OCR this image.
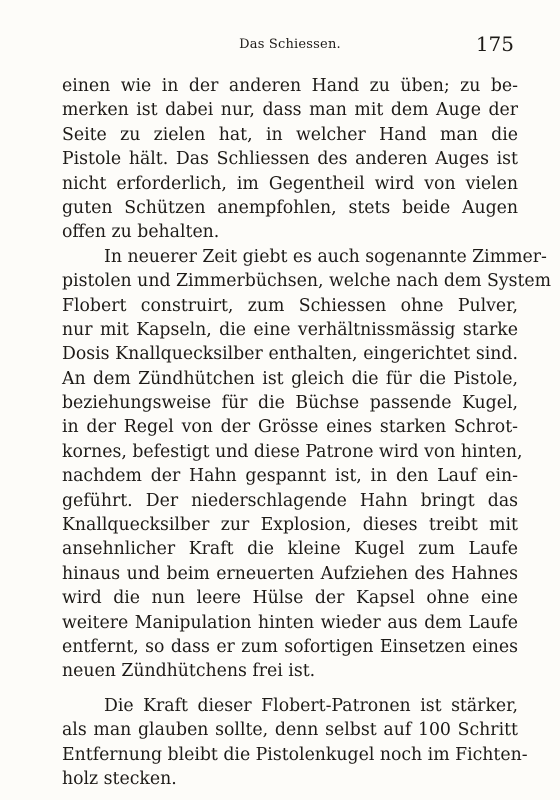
Das Schiessen.	175
einen wie in der anderen Hand zu üben; zu be-
merken ist dabei nur, dass man mit dem Auge der
Seite zu zielen hat, in welcher Hand man die
Pistole hält. Das Schliessen des anderen Auges ist
nicht erforderlich, im Gegentheil wird von vielen
guten Schützen anempfohlen, stets beide Augen
offen zu behalten.
In neuerer Zeit giebt es auch sogenannte Zimmer-
pistolen und Zimmerbüchsen, welche nach dem System
Flobert construirt, zum Schiessen ohne Pulver,
nur mit Kapseln, die eine verhältnissmässig starke
Dosis Knallquecksilber enthalten, eingerichtet sind.
An dem Zündhütchen ist gleich die für die Pistole,
beziehungsweise für die Büchse passende Kugel,
in der Regel von der Grösse eines starken Schrot-
kornes, befestigt und diese Patrone wird von hinten,
nachdem der Hahn gespannt ist, in den Lauf ein-
geführt. Der niederschlagende Hahn bringt das
Knallquecksilber zur Explosion, dieses treibt mit
ansehnlicher Kraft die kleine Kugel zum Laufe
hinaus und beim erneuerten Aufziehen des Hahnes
wird die nun leere Hülse der Kapsel ohne eine
weitere Manipulation hinten wieder aus dem Laufe
entfernt, so dass er zum sofortigen Einsetzen eines
neuen Zündhütchens frei ist.
Die Kraft dieser Flobert-Patronen ist stärker,
als man glauben sollte, denn selbst auf 100 Schritt
Entfernung bleibt die Pistolenkugel noch im Fichten-
holz stecken.
